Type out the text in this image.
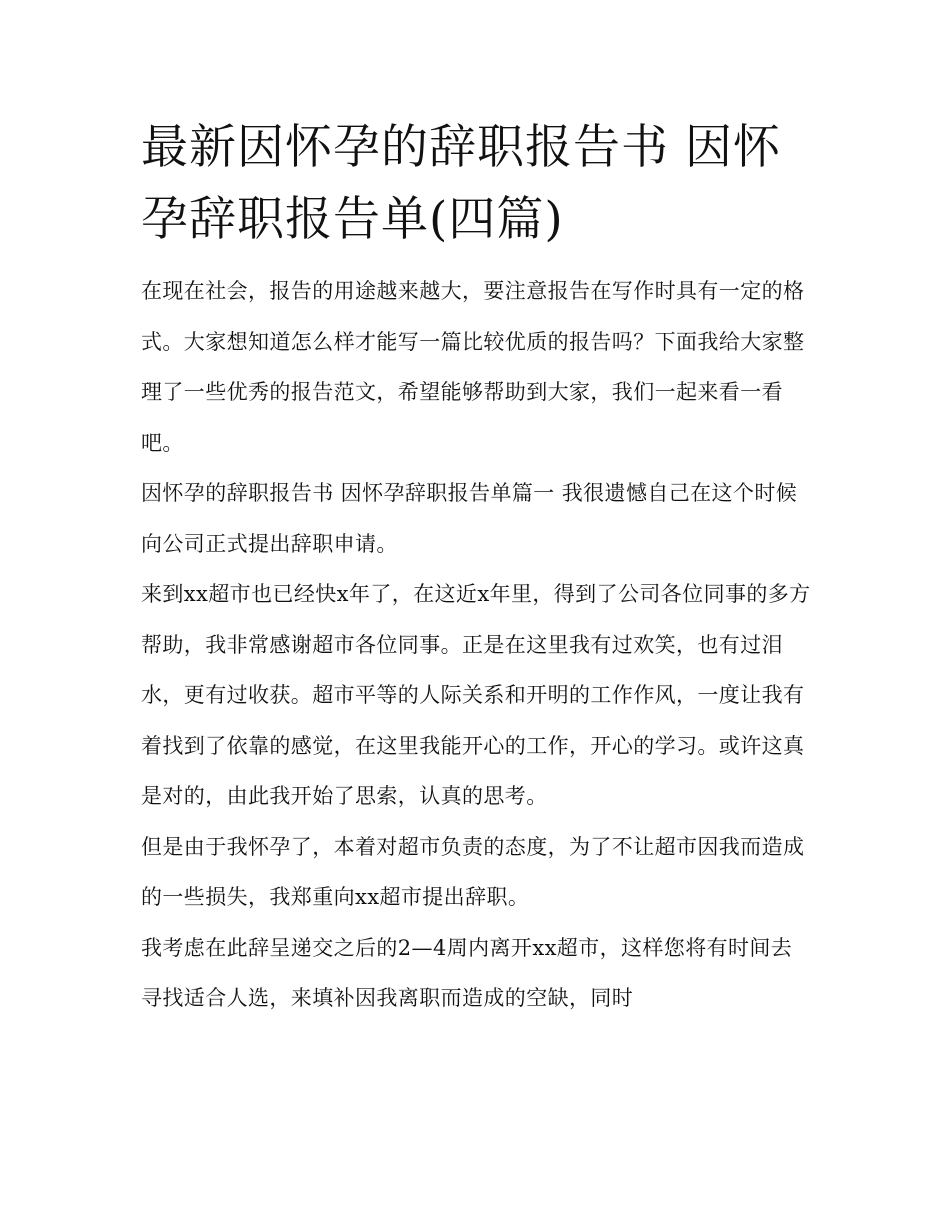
最新因怀孕的辞职报告书 因怀孕辞职报告单(四篇)

在现在社会，报告的用途越来越大，要注意报告在写作时具有一定的格式。大家想知道怎么样才能写一篇比较优质的报告吗？下面我给大家整理了一些优秀的报告范文，希望能够帮助到大家，我们一起来看一看吧。

因怀孕的辞职报告书 因怀孕辞职报告单篇一 我很遗憾自己在这个时候向公司正式提出辞职申请。

来到xx超市也已经快x年了，在这近x年里，得到了公司各位同事的多方帮助，我非常感谢超市各位同事。正是在这里我有过欢笑，也有过泪水，更有过收获。超市平等的人际关系和开明的工作作风，一度让我有着找到了依靠的感觉，在这里我能开心的工作，开心的学习。或许这真是对的，由此我开始了思索，认真的思考。

但是由于我怀孕了，本着对超市负责的态度，为了不让超市因我而造成的一些损失，我郑重向xx超市提出辞职。

我考虑在此辞呈递交之后的2—4周内离开xx超市，这样您将有时间去寻找适合人选，来填补因我离职而造成的空缺，同时
